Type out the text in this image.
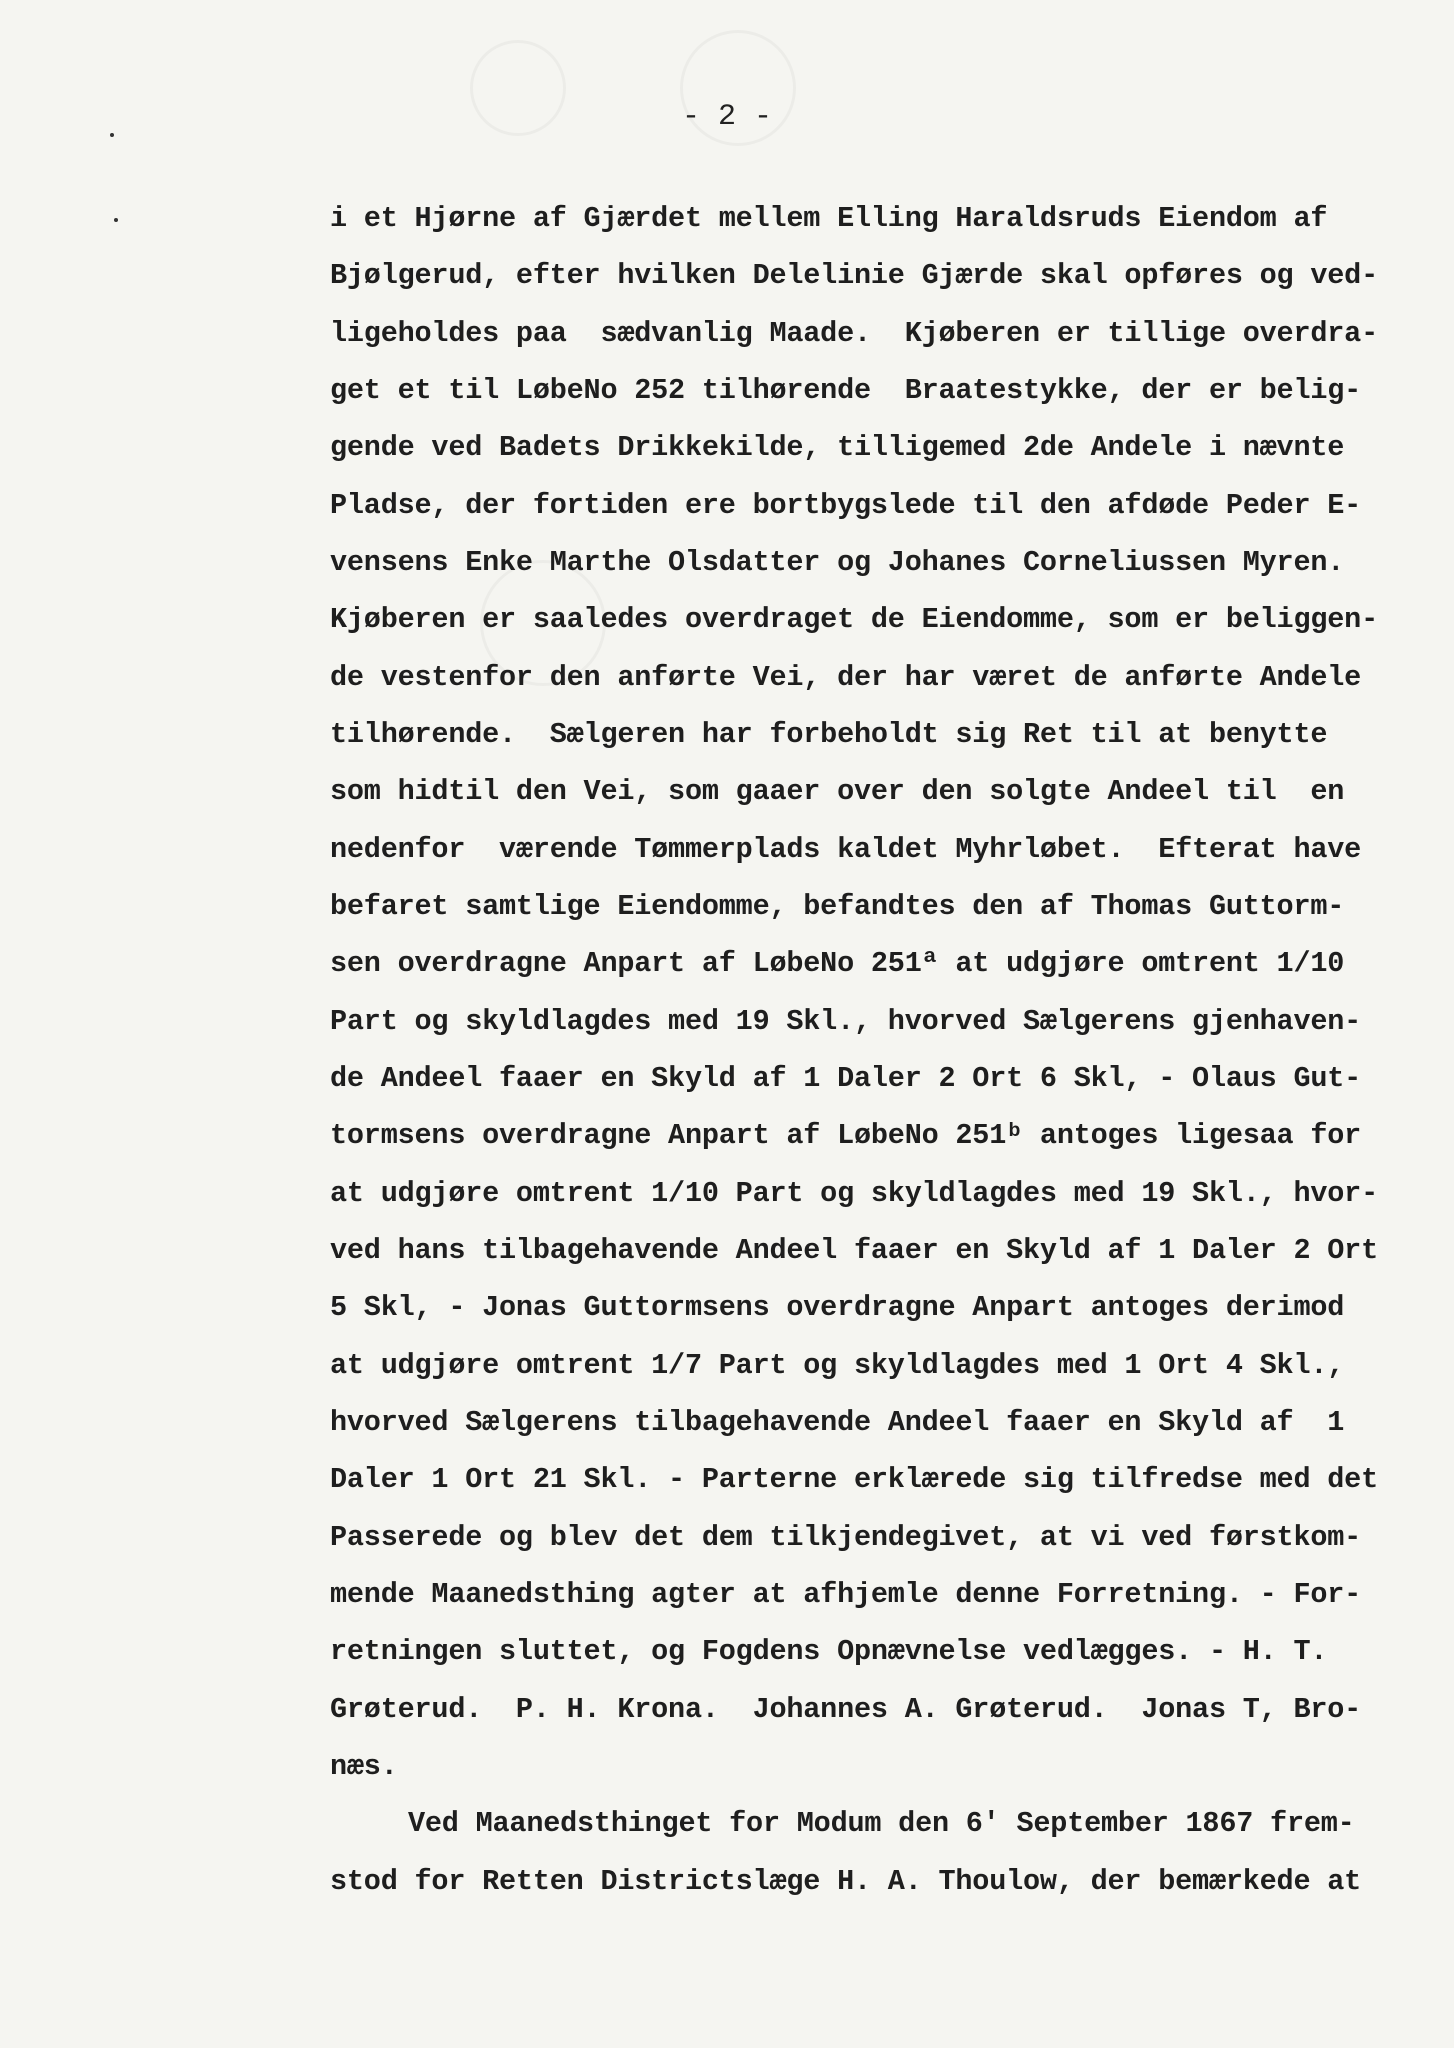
- 2 -
i et Hjørne af Gjærdet mellem Elling Haraldsruds Eiendom af
Bjølgerud, efter hvilken Delelinie Gjærde skal opføres og ved-
ligeholdes paa  sædvanlig Maade.  Kjøberen er tillige overdra-
get et til LøbeNo 252 tilhørende  Braatestykke, der er belig-
gende ved Badets Drikkekilde, tilligemed 2de Andele i nævnte
Pladse, der fortiden ere bortbygslede til den afdøde Peder E-
vensens Enke Marthe Olsdatter og Johanes Corneliussen Myren.
Kjøberen er saaledes overdraget de Eiendomme, som er beliggen-
de vestenfor den anførte Vei, der har været de anførte Andele
tilhørende.  Sælgeren har forbeholdt sig Ret til at benytte
som hidtil den Vei, som gaaer over den solgte Andeel til  en
nedenfor  værende Tømmerplads kaldet Myhrløbet.  Efterat have
befaret samtlige Eiendomme, befandtes den af Thomas Guttorm-
sen overdragne Anpart af LøbeNo 251ª at udgjøre omtrent 1/10
Part og skyldlagdes med 19 Skl., hvorved Sælgerens gjenhaven-
de Andeel faaer en Skyld af 1 Daler 2 Ort 6 Skl, - Olaus Gut-
tormsens overdragne Anpart af LøbeNo 251ᵇ antoges ligesaa for
at udgjøre omtrent 1/10 Part og skyldlagdes med 19 Skl., hvor-
ved hans tilbagehavende Andeel faaer en Skyld af 1 Daler 2 Ort
5 Skl, - Jonas Guttormsens overdragne Anpart antoges derimod
at udgjøre omtrent 1/7 Part og skyldlagdes med 1 Ort 4 Skl.,
hvorved Sælgerens tilbagehavende Andeel faaer en Skyld af  1
Daler 1 Ort 21 Skl. - Parterne erklærede sig tilfredse med det
Passerede og blev det dem tilkjendegivet, at vi ved førstkom-
mende Maanedsthing agter at afhjemle denne Forretning. - For-
retningen sluttet, og Fogdens Opnævnelse vedlægges. - H. T.
Grøterud.  P. H. Krona.  Johannes A. Grøterud.  Jonas T, Bro-
næs.
Ved Maanedsthinget for Modum den 6' September 1867 frem-
stod for Retten Districtslæge H. A. Thoulow, der bemærkede at
